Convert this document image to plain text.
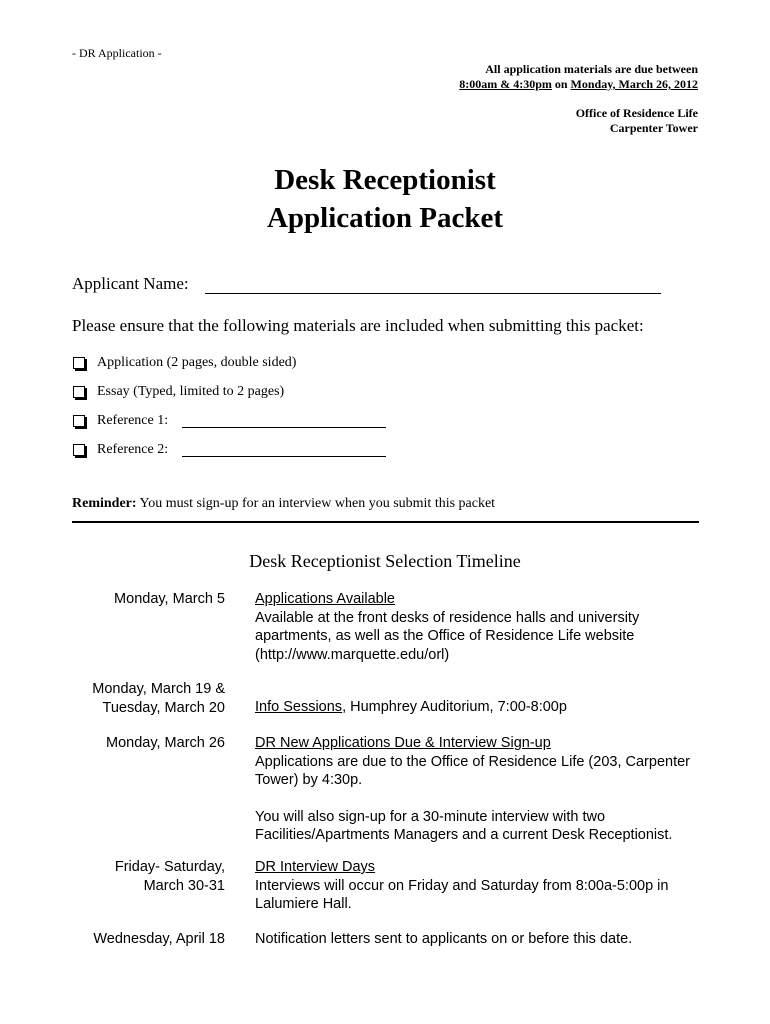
- DR Application -
All application materials are due between
8:00am & 4:30pm on Monday, March 26, 2012
Office of Residence Life
Carpenter Tower
Desk Receptionist
Application Packet
Applicant Name:
Please ensure that the following materials are included when submitting this packet:
Application (2 pages, double sided)
Essay (Typed, limited to 2 pages)
Reference 1:
Reference 2:
Reminder: You must sign-up for an interview when you submit this packet
Desk Receptionist Selection Timeline
Monday, March 5 Applications Available
Available at the front desks of residence halls and university apartments, as well as the Office of Residence Life website (http://www.marquette.edu/orl)
Monday, March 19 &
Tuesday, March 20 Info Sessions, Humphrey Auditorium, 7:00-8:00p
Monday, March 26 DR New Applications Due & Interview Sign-up
Applications are due to the Office of Residence Life (203, Carpenter Tower) by 4:30p.
You will also sign-up for a 30-minute interview with two Facilities/Apartments Managers and a current Desk Receptionist.
Friday- Saturday,
March 30-31
DR Interview Days
Interviews will occur on Friday and Saturday from 8:00a-5:00p in Lalumiere Hall.
Wednesday, April 18 Notification letters sent to applicants on or before this date.
